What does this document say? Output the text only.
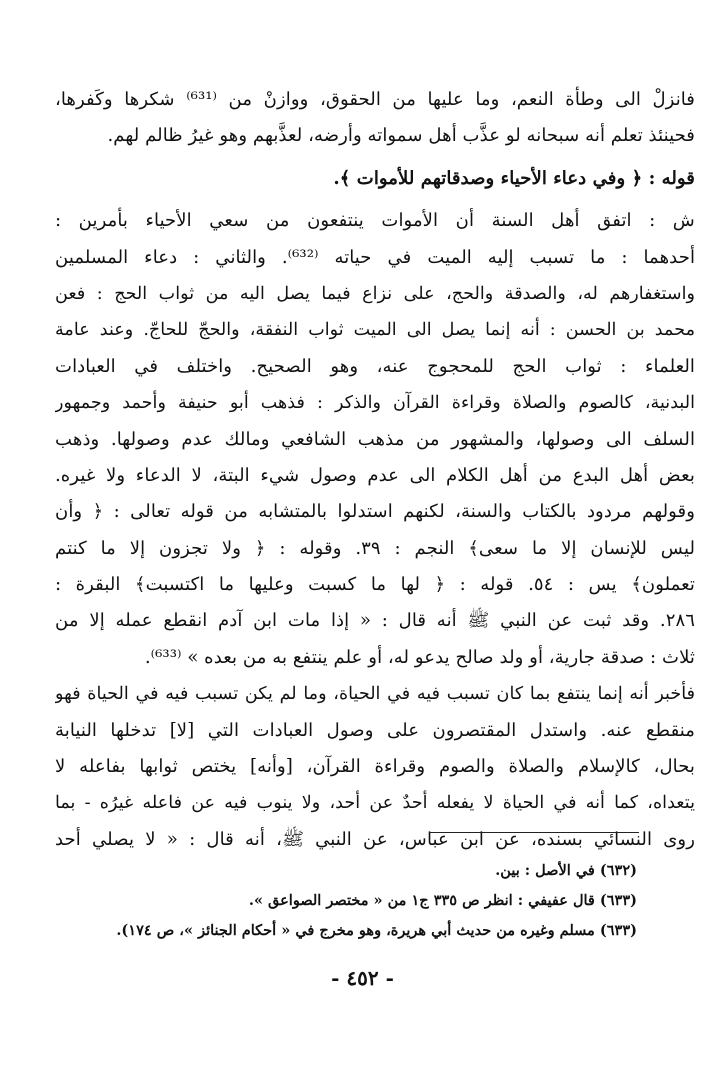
فانزلْ الى وطأة النعم، وما عليها من الحقوق، ووازنْ من ⁽⁶³¹⁾ شكرها وكَفرها،
فحينئذ تعلم أنه سبحانه لو عذَّب أهل سمواته وأرضه، لعذَّبهم وهو غيرُ ظالم لهم.
قوله : ﴿ وفي دعاء الأحياء وصدقاتهم للأموات ﴾.
ش : اتفق أهل السنة أن الأموات ينتفعون من سعي الأحياء بأمرين :
أحدهما : ما تسبب إليه الميت في حياته ⁽⁶³²⁾. والثاني : دعاء المسلمين
واستغفارهم له، والصدقة والحج، على نزاع فيما يصل اليه من ثواب الحج : فعن
محمد بن الحسن : أنه إنما يصل الى الميت ثواب النفقة، والحجّ للحاجّ. وعند عامة
العلماء : ثواب الحج للمحجوج عنه، وهو الصحيح. واختلف في العبادات
البدنية، كالصوم والصلاة وقراءة القرآن والذكر : فذهب أبو حنيفة وأحمد وجمهور
السلف الى وصولها، والمشهور من مذهب الشافعي ومالك عدم وصولها. وذهب
بعض أهل البدع من أهل الكلام الى عدم وصول شيء البتة، لا الدعاء ولا غيره.
وقولهم مردود بالكتاب والسنة، لكنهم استدلوا بالمتشابه من قوله تعالى : ﴿ وأن
ليس للإنسان إلا ما سعى﴾ النجم : ٣٩. وقوله : ﴿ ولا تجزون إلا ما كنتم
تعملون﴾ يس : ٥٤. قوله : ﴿ لها ما كسبت وعليها ما اكتسبت﴾ البقرة :
٢٨٦. وقد ثبت عن النبي ﷺ أنه قال : « إذا مات ابن آدم انقطع عمله إلا من
ثلاث : صدقة جارية، أو ولد صالح يدعو له، أو علم ينتفع به من بعده » ⁽⁶³³⁾.
فأخبر أنه إنما ينتفع بما كان تسبب فيه في الحياة، وما لم يكن تسبب فيه في الحياة فهو
منقطع عنه. واستدل المقتصرون على وصول العبادات التي [لا] تدخلها النيابة
بحال، كالإسلام والصلاة والصوم وقراءة القرآن، [وأنه] يختص ثوابها بفاعله لا
يتعداه، كما أنه في الحياة لا يفعله أحدٌ عن أحد، ولا ينوب فيه عن فاعله غيرُه - بما
روى النسائي بسنده، عن ابن عباس، عن النبي ﷺ، أنه قال : « لا يصلي أحد
(٦٣٢) في الأصل : بين.
(٦٣٣) قال عفيفي : انظر ص ٣٣٥ ج١ من « مختصر الصواعق ».
(٦٣٣) مسلم وغيره من حديث أبي هريرة، وهو مخرج في « أحكام الجنائز »، ص ١٧٤).
- ٤٥٢ -
